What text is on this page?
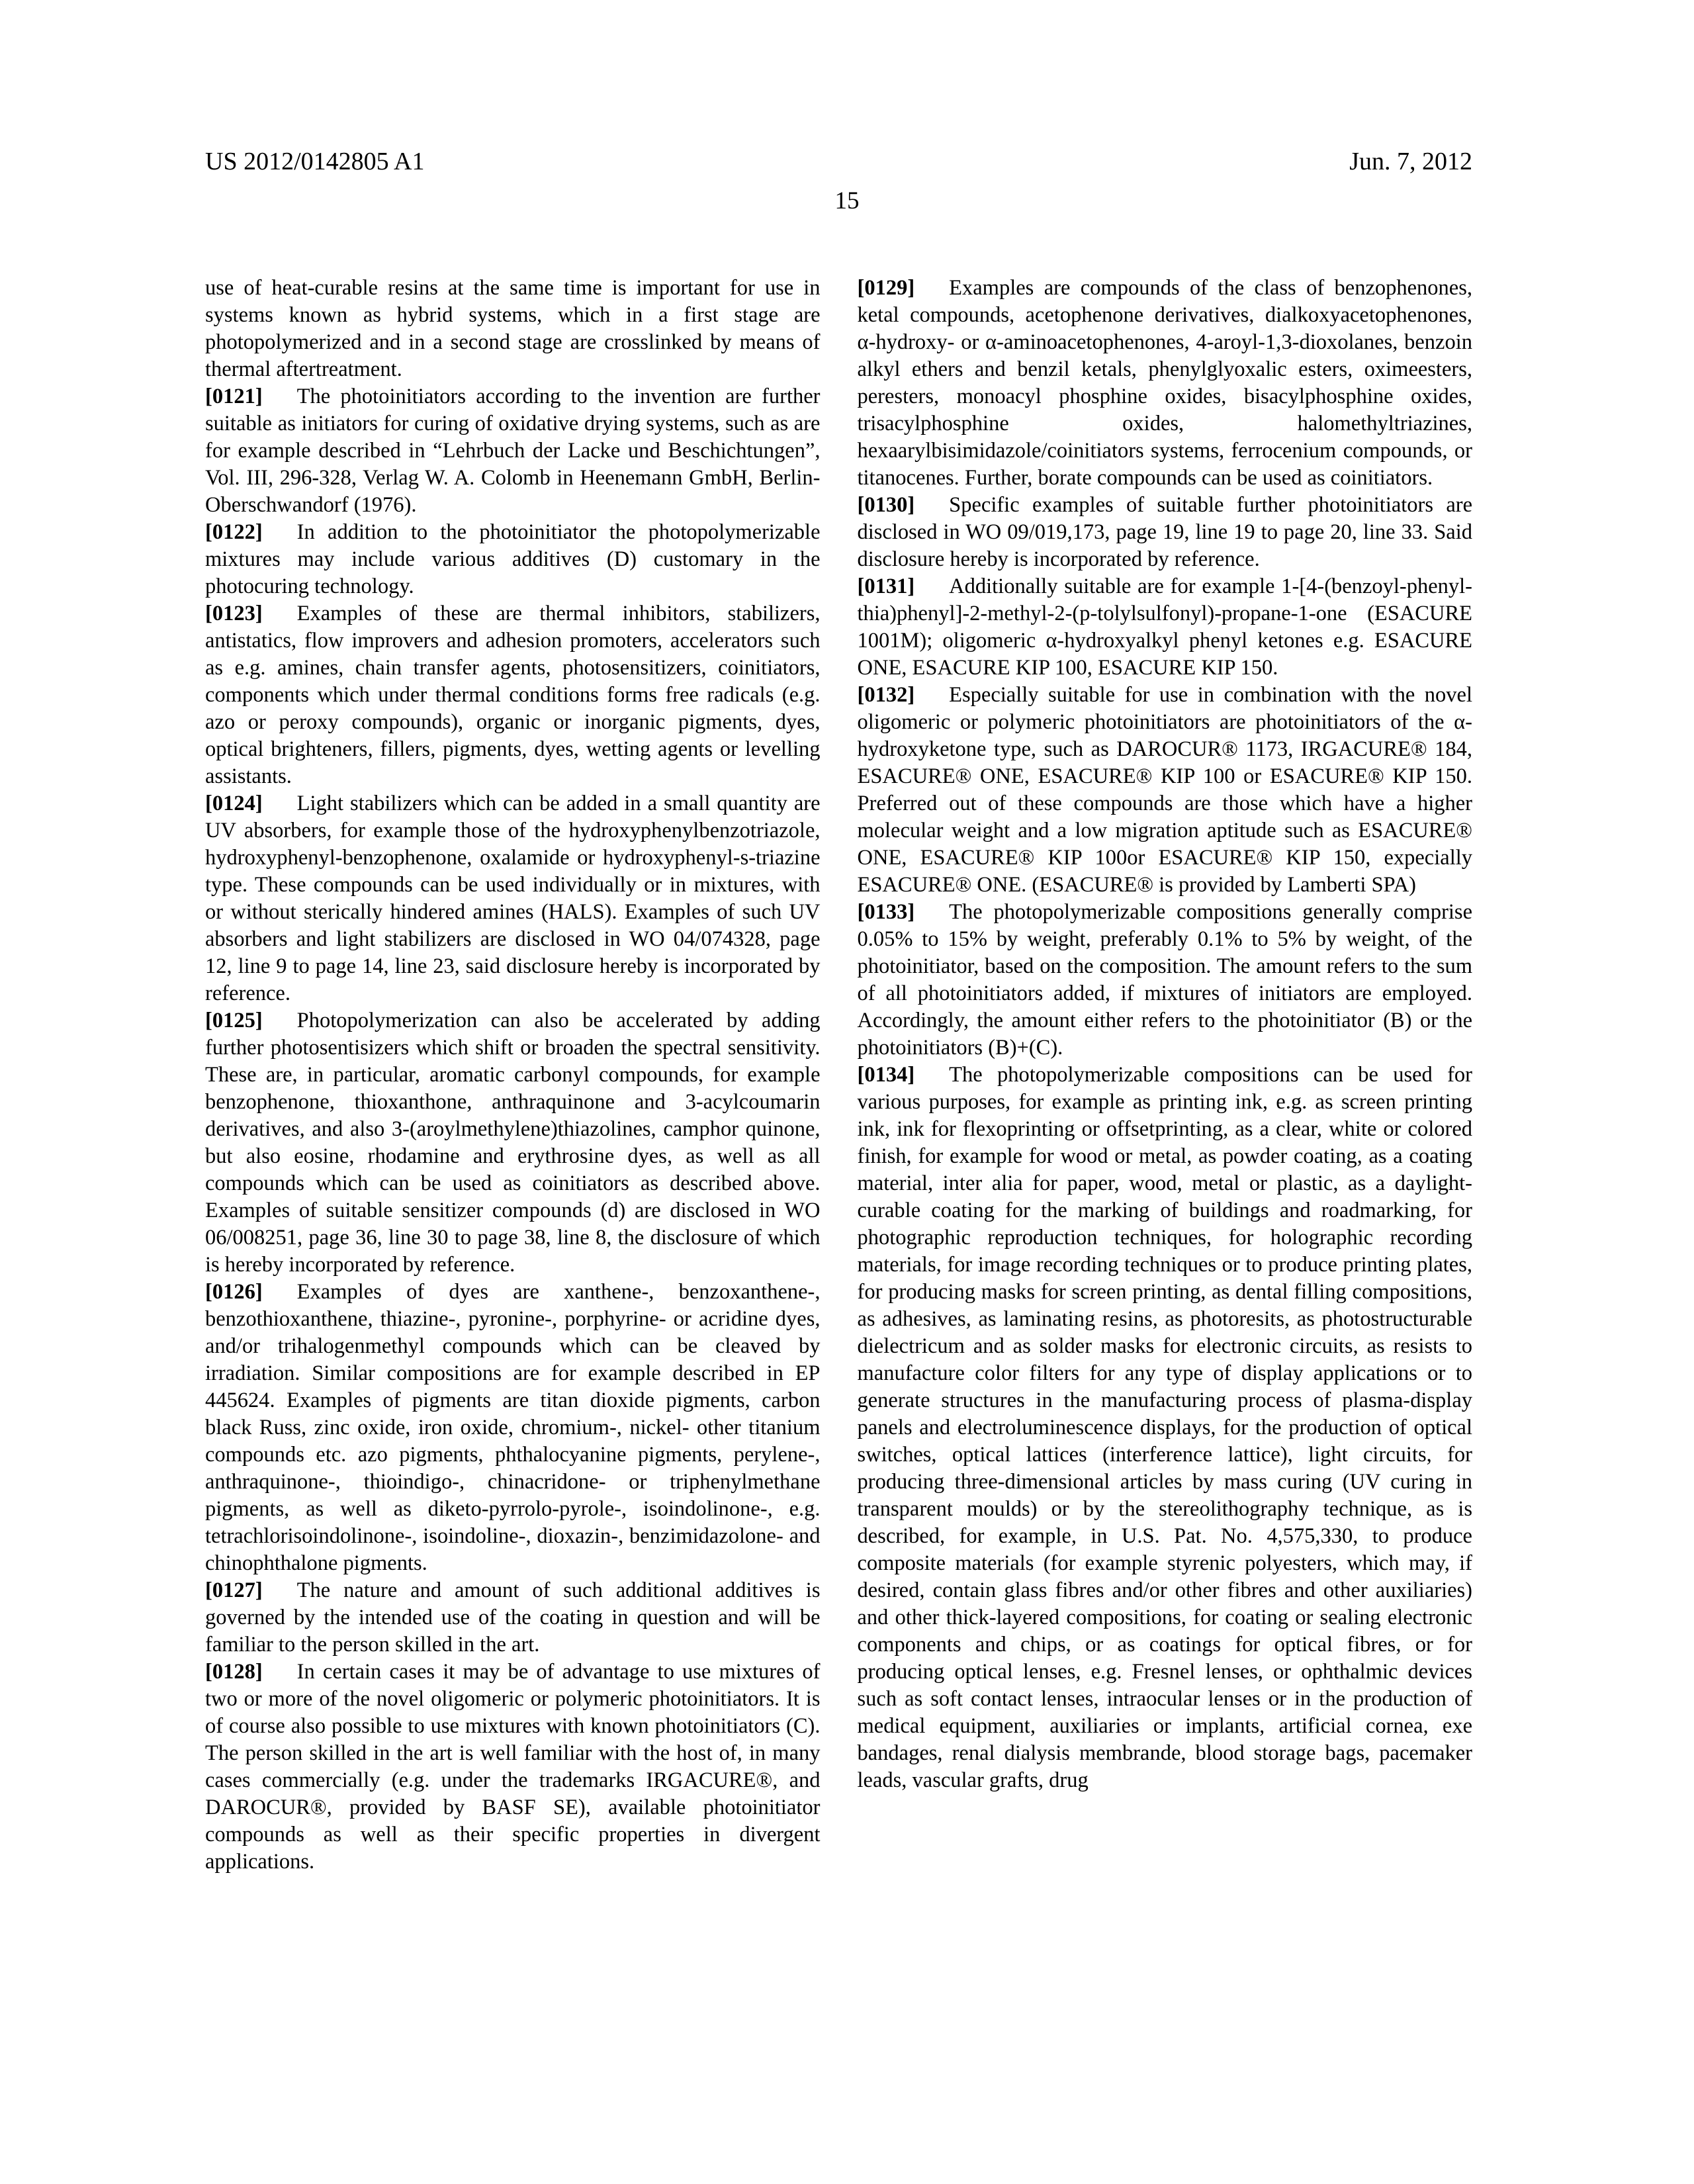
US 2012/0142805 A1	Jun. 7, 2012
15

use of heat-curable resins at the same time is important for use in systems known as hybrid systems, which in a first stage are photopolymerized and in a second stage are crosslinked by means of thermal aftertreatment.

[0121] The photoinitiators according to the invention are further suitable as initiators for curing of oxidative drying systems, such as are for example described in “Lehrbuch der Lacke und Beschichtungen”, Vol. III, 296-328, Verlag W. A. Colomb in Heenemann GmbH, Berlin-Oberschwandorf (1976).

[0122] In addition to the photoinitiator the photopolymerizable mixtures may include various additives (D) customary in the photocuring technology.

[0123] Examples of these are thermal inhibitors, stabilizers, antistatics, flow improvers and adhesion promoters, accelerators such as e.g. amines, chain transfer agents, photosensitizers, coinitiators, components which under thermal conditions forms free radicals (e.g. azo or peroxy compounds), organic or inorganic pigments, dyes, optical brighteners, fillers, pigments, dyes, wetting agents or levelling assistants.

[0124] Light stabilizers which can be added in a small quantity are UV absorbers, for example those of the hydroxyphenylbenzotriazole, hydroxyphenyl-benzophenone, oxalamide or hydroxyphenyl-s-triazine type. These compounds can be used individually or in mixtures, with or without sterically hindered amines (HALS). Examples of such UV absorbers and light stabilizers are disclosed in WO 04/074328, page 12, line 9 to page 14, line 23, said disclosure hereby is incorporated by reference.

[0125] Photopolymerization can also be accelerated by adding further photosentisizers which shift or broaden the spectral sensitivity. These are, in particular, aromatic carbonyl compounds, for example benzophenone, thioxanthone, anthraquinone and 3-acylcoumarin derivatives, and also 3-(aroylmethylene)thiazolines, camphor quinone, but also eosine, rhodamine and erythrosine dyes, as well as all compounds which can be used as coinitiators as described above. Examples of suitable sensitizer compounds (d) are disclosed in WO 06/008251, page 36, line 30 to page 38, line 8, the disclosure of which is hereby incorporated by reference.

[0126] Examples of dyes are xanthene-, benzoxanthene-, benzothioxanthene, thiazine-, pyronine-, porphyrine- or acridine dyes, and/or trihalogenmethyl compounds which can be cleaved by irradiation. Similar compositions are for example described in EP 445624. Examples of pigments are titan dioxide pigments, carbon black Russ, zinc oxide, iron oxide, chromium-, nickel- other titanium compounds etc. azo pigments, phthalocyanine pigments, perylene-, anthraquinone-, thioindigo-, chinacridone- or triphenylmethane pigments, as well as diketo-pyrrolo-pyrole-, isoindolinone-, e.g. tetrachlorisoindolinone-, isoindoline-, dioxazin-, benzimidazolone- and chinophthalone pigments.

[0127] The nature and amount of such additional additives is governed by the intended use of the coating in question and will be familiar to the person skilled in the art.

[0128] In certain cases it may be of advantage to use mixtures of two or more of the novel oligomeric or polymeric photoinitiators. It is of course also possible to use mixtures with known photoinitiators (C). The person skilled in the art is well familiar with the host of, in many cases commercially (e.g. under the trademarks IRGACURE®, and DAROCUR®, provided by BASF SE), available photoinitiator compounds as well as their specific properties in divergent applications.

[0129] Examples are compounds of the class of benzophenones, ketal compounds, acetophenone derivatives, dialkoxyacetophenones, α-hydroxy- or α-aminoacetophenones, 4-aroyl-1,3-dioxolanes, benzoin alkyl ethers and benzil ketals, phenylglyoxalic esters, oximeesters, peresters, monoacyl phosphine oxides, bisacylphosphine oxides, trisacylphosphine oxides, halomethyltriazines, hexaarylbisimidazole/coinitiators systems, ferrocenium compounds, or titanocenes. Further, borate compounds can be used as coinitiators.

[0130] Specific examples of suitable further photoinitiators are disclosed in WO 09/019,173, page 19, line 19 to page 20, line 33. Said disclosure hereby is incorporated by reference.

[0131] Additionally suitable are for example 1-[4-(benzoyl-phenyl-thia)phenyl]-2-methyl-2-(p-tolylsulfonyl)-propane-1-one (ESACURE 1001M); oligomeric α-hydroxyalkyl phenyl ketones e.g. ESACURE ONE, ESACURE KIP 100, ESACURE KIP 150.

[0132] Especially suitable for use in combination with the novel oligomeric or polymeric photoinitiators are photoinitiators of the α-hydroxyketone type, such as DAROCUR® 1173, IRGACURE® 184, ESACURE® ONE, ESACURE® KIP 100 or ESACURE® KIP 150. Preferred out of these compounds are those which have a higher molecular weight and a low migration aptitude such as ESACURE® ONE, ESACURE® KIP 100or ESACURE® KIP 150, expecially ESACURE® ONE. (ESACURE® is provided by Lamberti SPA)

[0133] The photopolymerizable compositions generally comprise 0.05% to 15% by weight, preferably 0.1% to 5% by weight, of the photoinitiator, based on the composition. The amount refers to the sum of all photoinitiators added, if mixtures of initiators are employed. Accordingly, the amount either refers to the photoinitiator (B) or the photoinitiators (B)+(C).

[0134] The photopolymerizable compositions can be used for various purposes, for example as printing ink, e.g. as screen printing ink, ink for flexoprinting or offsetprinting, as a clear, white or colored finish, for example for wood or metal, as powder coating, as a coating material, inter alia for paper, wood, metal or plastic, as a daylight-curable coating for the marking of buildings and roadmarking, for photographic reproduction techniques, for holographic recording materials, for image recording techniques or to produce printing plates, for producing masks for screen printing, as dental filling compositions, as adhesives, as laminating resins, as photoresits, as photostructurable dielectricum and as solder masks for electronic circuits, as resists to manufacture color filters for any type of display applications or to generate structures in the manufacturing process of plasma-display panels and electroluminescence displays, for the production of optical switches, optical lattices (interference lattice), light circuits, for producing three-dimensional articles by mass curing (UV curing in transparent moulds) or by the stereolithography technique, as is described, for example, in U.S. Pat. No. 4,575,330, to produce composite materials (for example styrenic polyesters, which may, if desired, contain glass fibres and/or other fibres and other auxiliaries) and other thick-layered compositions, for coating or sealing electronic components and chips, or as coatings for optical fibres, or for producing optical lenses, e.g. Fresnel lenses, or ophthalmic devices such as soft contact lenses, intraocular lenses or in the production of medical equipment, auxiliaries or implants, artificial cornea, exe bandages, renal dialysis membrande, blood storage bags, pacemaker leads, vascular grafts, drug
